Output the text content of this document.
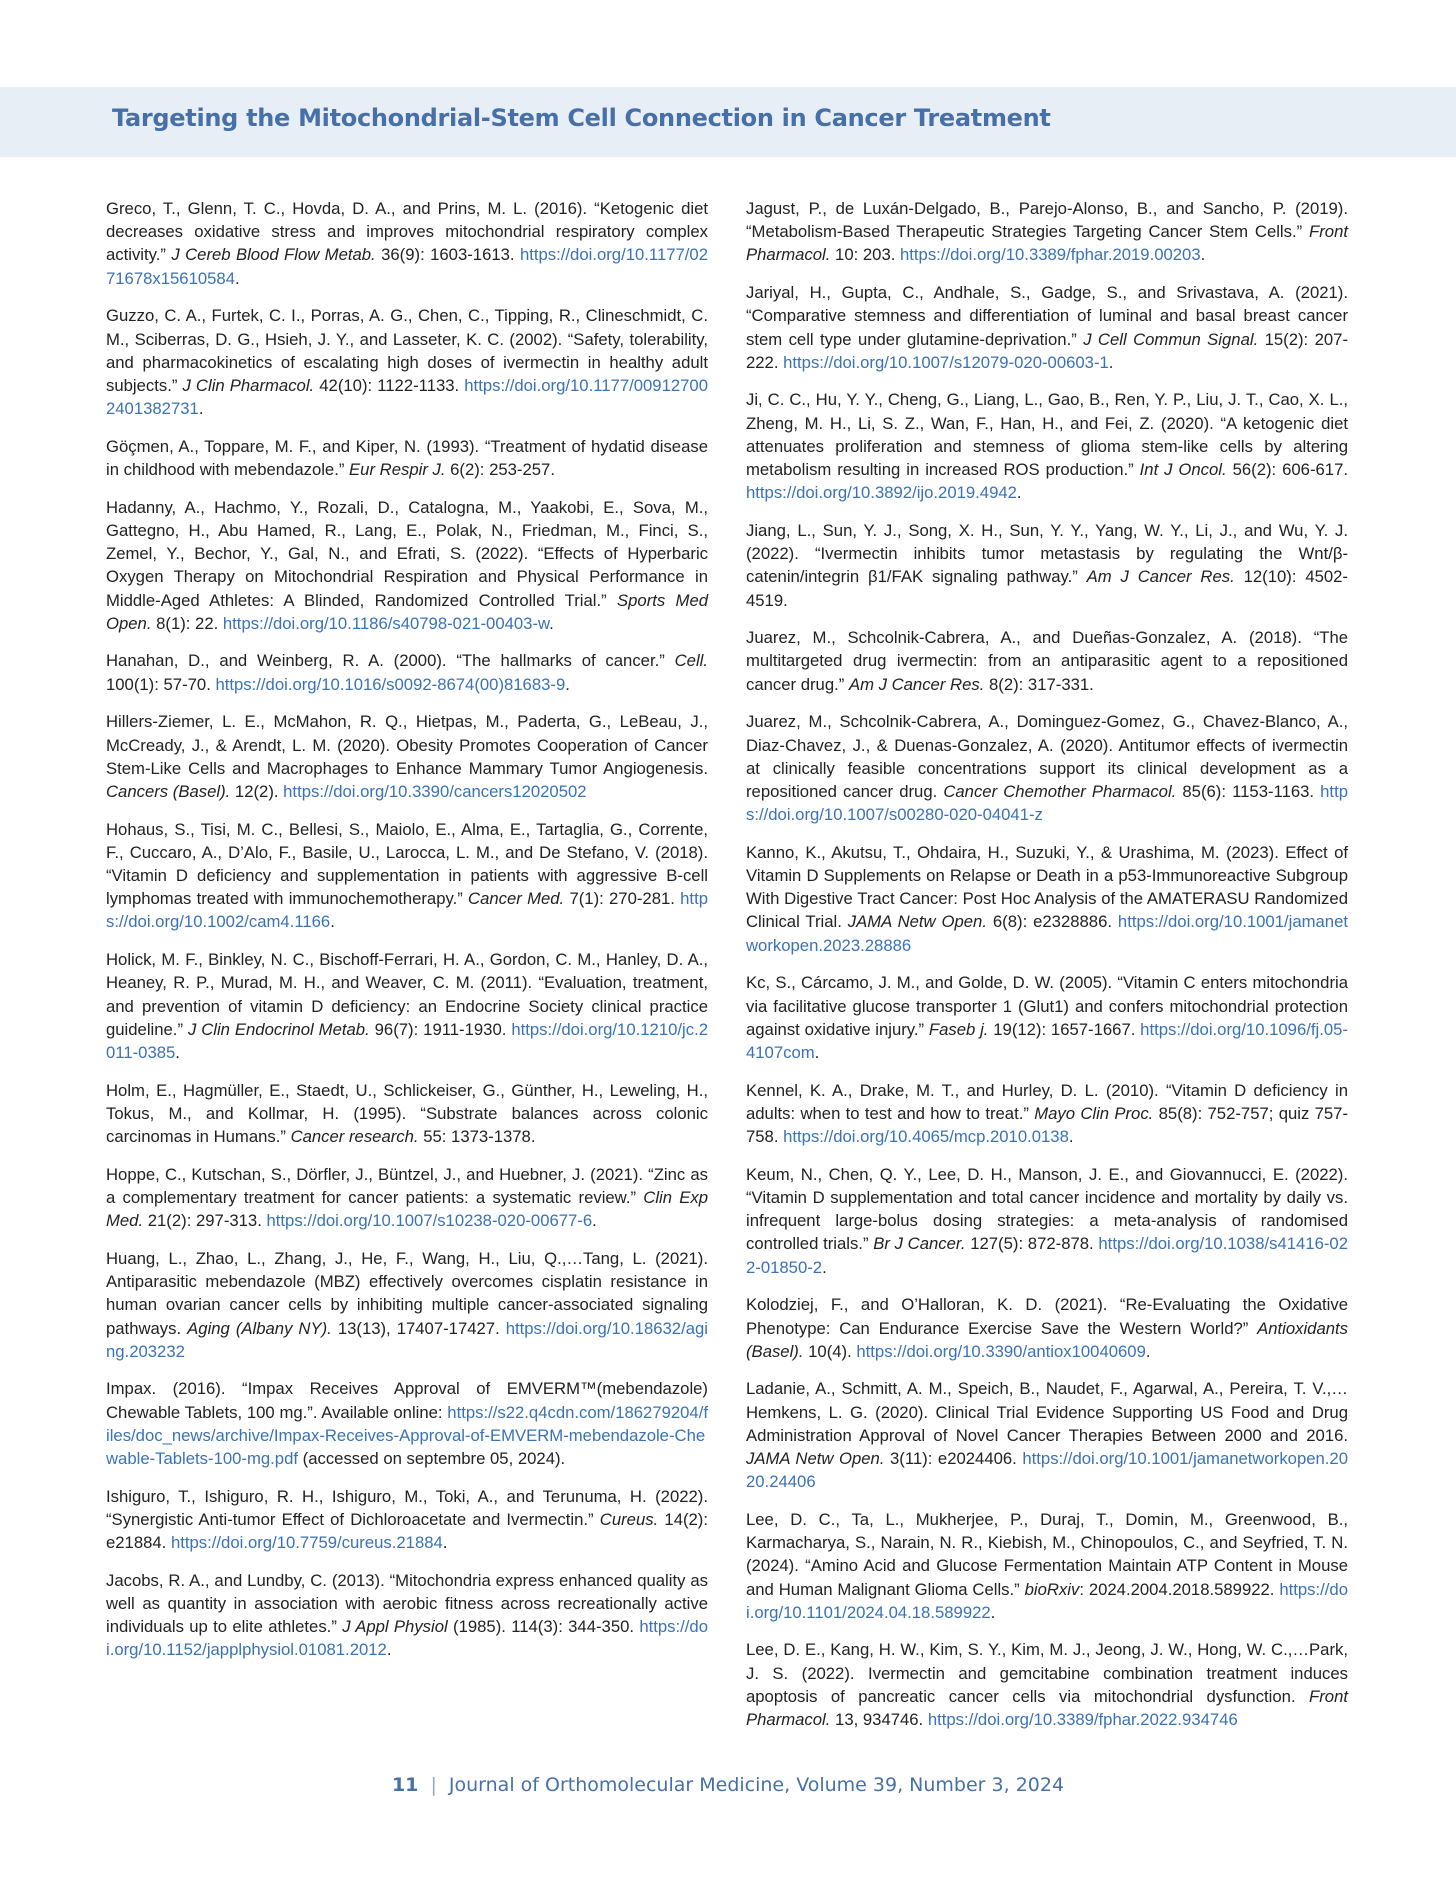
Targeting the Mitochondrial-Stem Cell Connection in Cancer Treatment

Greco, T., Glenn, T. C., Hovda, D. A., and Prins, M. L. (2016). “Ketogenic diet decreases oxidative stress and improves mitochondrial respiratory complex activity.” J Cereb Blood Flow Metab. 36(9): 1603-1613. https://doi.org/10.1177/0271678x15610584.

Guzzo, C. A., Furtek, C. I., Porras, A. G., Chen, C., Tipping, R., Clineschmidt, C. M., Sciberras, D. G., Hsieh, J. Y., and Lasseter, K. C. (2002). “Safety, tolerability, and pharmacokinetics of escalating high doses of ivermectin in healthy adult subjects.” J Clin Pharmacol. 42(10): 1122-1133. https://doi.org/10.1177/009127002401382731.

Göçmen, A., Toppare, M. F., and Kiper, N. (1993). “Treatment of hydatid disease in childhood with mebendazole.” Eur Respir J. 6(2): 253-257.

Hadanny, A., Hachmo, Y., Rozali, D., Catalogna, M., Yaakobi, E., Sova, M., Gattegno, H., Abu Hamed, R., Lang, E., Polak, N., Friedman, M., Finci, S., Zemel, Y., Bechor, Y., Gal, N., and Efrati, S. (2022). “Effects of Hyperbaric Oxygen Therapy on Mitochondrial Respiration and Physical Performance in Middle-Aged Athletes: A Blinded, Randomized Controlled Trial.” Sports Med Open. 8(1): 22. https://doi.org/10.1186/s40798-021-00403-w.

Hanahan, D., and Weinberg, R. A. (2000). “The hallmarks of cancer.” Cell. 100(1): 57-70. https://doi.org/10.1016/s0092-8674(00)81683-9.

Hillers-Ziemer, L. E., McMahon, R. Q., Hietpas, M., Paderta, G., LeBeau, J., McCready, J., & Arendt, L. M. (2020). Obesity Promotes Cooperation of Cancer Stem-Like Cells and Macrophages to Enhance Mammary Tumor Angiogenesis. Cancers (Basel). 12(2). https://doi.org/10.3390/cancers12020502

Hohaus, S., Tisi, M. C., Bellesi, S., Maiolo, E., Alma, E., Tartaglia, G., Corrente, F., Cuccaro, A., D’Alo, F., Basile, U., Larocca, L. M., and De Stefano, V. (2018). “Vitamin D deficiency and supplementation in patients with aggressive B-cell lymphomas treated with immunochemotherapy.” Cancer Med. 7(1): 270-281. https://doi.org/10.1002/cam4.1166.

Holick, M. F., Binkley, N. C., Bischoff-Ferrari, H. A., Gordon, C. M., Hanley, D. A., Heaney, R. P., Murad, M. H., and Weaver, C. M. (2011). “Evaluation, treatment, and prevention of vitamin D deficiency: an Endocrine Society clinical practice guideline.” J Clin Endocrinol Metab. 96(7): 1911-1930. https://doi.org/10.1210/jc.2011-0385.

Holm, E., Hagmüller, E., Staedt, U., Schlickeiser, G., Günther, H., Leweling, H., Tokus, M., and Kollmar, H. (1995). “Substrate balances across colonic carcinomas in Humans.” Cancer research. 55: 1373-1378.

Hoppe, C., Kutschan, S., Dörfler, J., Büntzel, J., and Huebner, J. (2021). “Zinc as a complementary treatment for cancer patients: a systematic review.” Clin Exp Med. 21(2): 297-313. https://doi.org/10.1007/s10238-020-00677-6.

Huang, L., Zhao, L., Zhang, J., He, F., Wang, H., Liu, Q.,…Tang, L. (2021). Antiparasitic mebendazole (MBZ) effectively overcomes cisplatin resistance in human ovarian cancer cells by inhibiting multiple cancer-associated signaling pathways. Aging (Albany NY). 13(13), 17407-17427. https://doi.org/10.18632/aging.203232

Impax. (2016). “Impax Receives Approval of EMVERM™(mebendazole) Chewable Tablets, 100 mg.”. Available online: https://s22.q4cdn.com/186279204/files/doc_news/archive/Impax-Receives-Approval-of-EMVERM-mebendazole-Chewable-Tablets-100-mg.pdf (accessed on septembre 05, 2024).

Ishiguro, T., Ishiguro, R. H., Ishiguro, M., Toki, A., and Terunuma, H. (2022). “Synergistic Anti-tumor Effect of Dichloroacetate and Ivermectin.” Cureus. 14(2): e21884. https://doi.org/10.7759/cureus.21884.

Jacobs, R. A., and Lundby, C. (2013). “Mitochondria express enhanced quality as well as quantity in association with aerobic fitness across recreationally active individuals up to elite athletes.” J Appl Physiol (1985). 114(3): 344-350. https://doi.org/10.1152/japplphysiol.01081.2012.

Jagust, P., de Luxán-Delgado, B., Parejo-Alonso, B., and Sancho, P. (2019). “Metabolism-Based Therapeutic Strategies Targeting Cancer Stem Cells.” Front Pharmacol. 10: 203. https://doi.org/10.3389/fphar.2019.00203.

Jariyal, H., Gupta, C., Andhale, S., Gadge, S., and Srivastava, A. (2021). “Comparative stemness and differentiation of luminal and basal breast cancer stem cell type under glutamine-deprivation.” J Cell Commun Signal. 15(2): 207-222. https://doi.org/10.1007/s12079-020-00603-1.

Ji, C. C., Hu, Y. Y., Cheng, G., Liang, L., Gao, B., Ren, Y. P., Liu, J. T., Cao, X. L., Zheng, M. H., Li, S. Z., Wan, F., Han, H., and Fei, Z. (2020). “A ketogenic diet attenuates proliferation and stemness of glioma stem-like cells by altering metabolism resulting in increased ROS production.” Int J Oncol. 56(2): 606-617. https://doi.org/10.3892/ijo.2019.4942.

Jiang, L., Sun, Y. J., Song, X. H., Sun, Y. Y., Yang, W. Y., Li, J., and Wu, Y. J. (2022). “Ivermectin inhibits tumor metastasis by regulating the Wnt/β-catenin/integrin β1/FAK signaling pathway.” Am J Cancer Res. 12(10): 4502-4519.

Juarez, M., Schcolnik-Cabrera, A., and Dueñas-Gonzalez, A. (2018). “The multitargeted drug ivermectin: from an antiparasitic agent to a repositioned cancer drug.” Am J Cancer Res. 8(2): 317-331.

Juarez, M., Schcolnik-Cabrera, A., Dominguez-Gomez, G., Chavez-Blanco, A., Diaz-Chavez, J., & Duenas-Gonzalez, A. (2020). Antitumor effects of ivermectin at clinically feasible concentrations support its clinical development as a repositioned cancer drug. Cancer Chemother Pharmacol. 85(6): 1153-1163. https://doi.org/10.1007/s00280-020-04041-z

Kanno, K., Akutsu, T., Ohdaira, H., Suzuki, Y., & Urashima, M. (2023). Effect of Vitamin D Supplements on Relapse or Death in a p53-Immunoreactive Subgroup With Digestive Tract Cancer: Post Hoc Analysis of the AMATERASU Randomized Clinical Trial. JAMA Netw Open. 6(8): e2328886. https://doi.org/10.1001/jamanetworkopen.2023.28886

Kc, S., Cárcamo, J. M., and Golde, D. W. (2005). “Vitamin C enters mitochondria via facilitative glucose transporter 1 (Glut1) and confers mitochondrial protection against oxidative injury.” Faseb j. 19(12): 1657-1667. https://doi.org/10.1096/fj.05-4107com.

Kennel, K. A., Drake, M. T., and Hurley, D. L. (2010). “Vitamin D deficiency in adults: when to test and how to treat.” Mayo Clin Proc. 85(8): 752-757; quiz 757-758. https://doi.org/10.4065/mcp.2010.0138.

Keum, N., Chen, Q. Y., Lee, D. H., Manson, J. E., and Giovannucci, E. (2022). “Vitamin D supplementation and total cancer incidence and mortality by daily vs. infrequent large-bolus dosing strategies: a meta-analysis of randomised controlled trials.” Br J Cancer. 127(5): 872-878. https://doi.org/10.1038/s41416-022-01850-2.

Kolodziej, F., and O’Halloran, K. D. (2021). “Re-Evaluating the Oxidative Phenotype: Can Endurance Exercise Save the Western World?” Antioxidants (Basel). 10(4). https://doi.org/10.3390/antiox10040609.

Ladanie, A., Schmitt, A. M., Speich, B., Naudet, F., Agarwal, A., Pereira, T. V.,…Hemkens, L. G. (2020). Clinical Trial Evidence Supporting US Food and Drug Administration Approval of Novel Cancer Therapies Between 2000 and 2016. JAMA Netw Open. 3(11): e2024406. https://doi.org/10.1001/jamanetworkopen.2020.24406

Lee, D. C., Ta, L., Mukherjee, P., Duraj, T., Domin, M., Greenwood, B., Karmacharya, S., Narain, N. R., Kiebish, M., Chinopoulos, C., and Seyfried, T. N. (2024). “Amino Acid and Glucose Fermentation Maintain ATP Content in Mouse and Human Malignant Glioma Cells.” bioRxiv: 2024.2004.2018.589922. https://doi.org/10.1101/2024.04.18.589922.

Lee, D. E., Kang, H. W., Kim, S. Y., Kim, M. J., Jeong, J. W., Hong, W. C.,…Park, J. S. (2022). Ivermectin and gemcitabine combination treatment induces apoptosis of pancreatic cancer cells via mitochondrial dysfunction. Front Pharmacol. 13, 934746. https://doi.org/10.3389/fphar.2022.934746

11 | Journal of Orthomolecular Medicine, Volume 39, Number 3, 2024
